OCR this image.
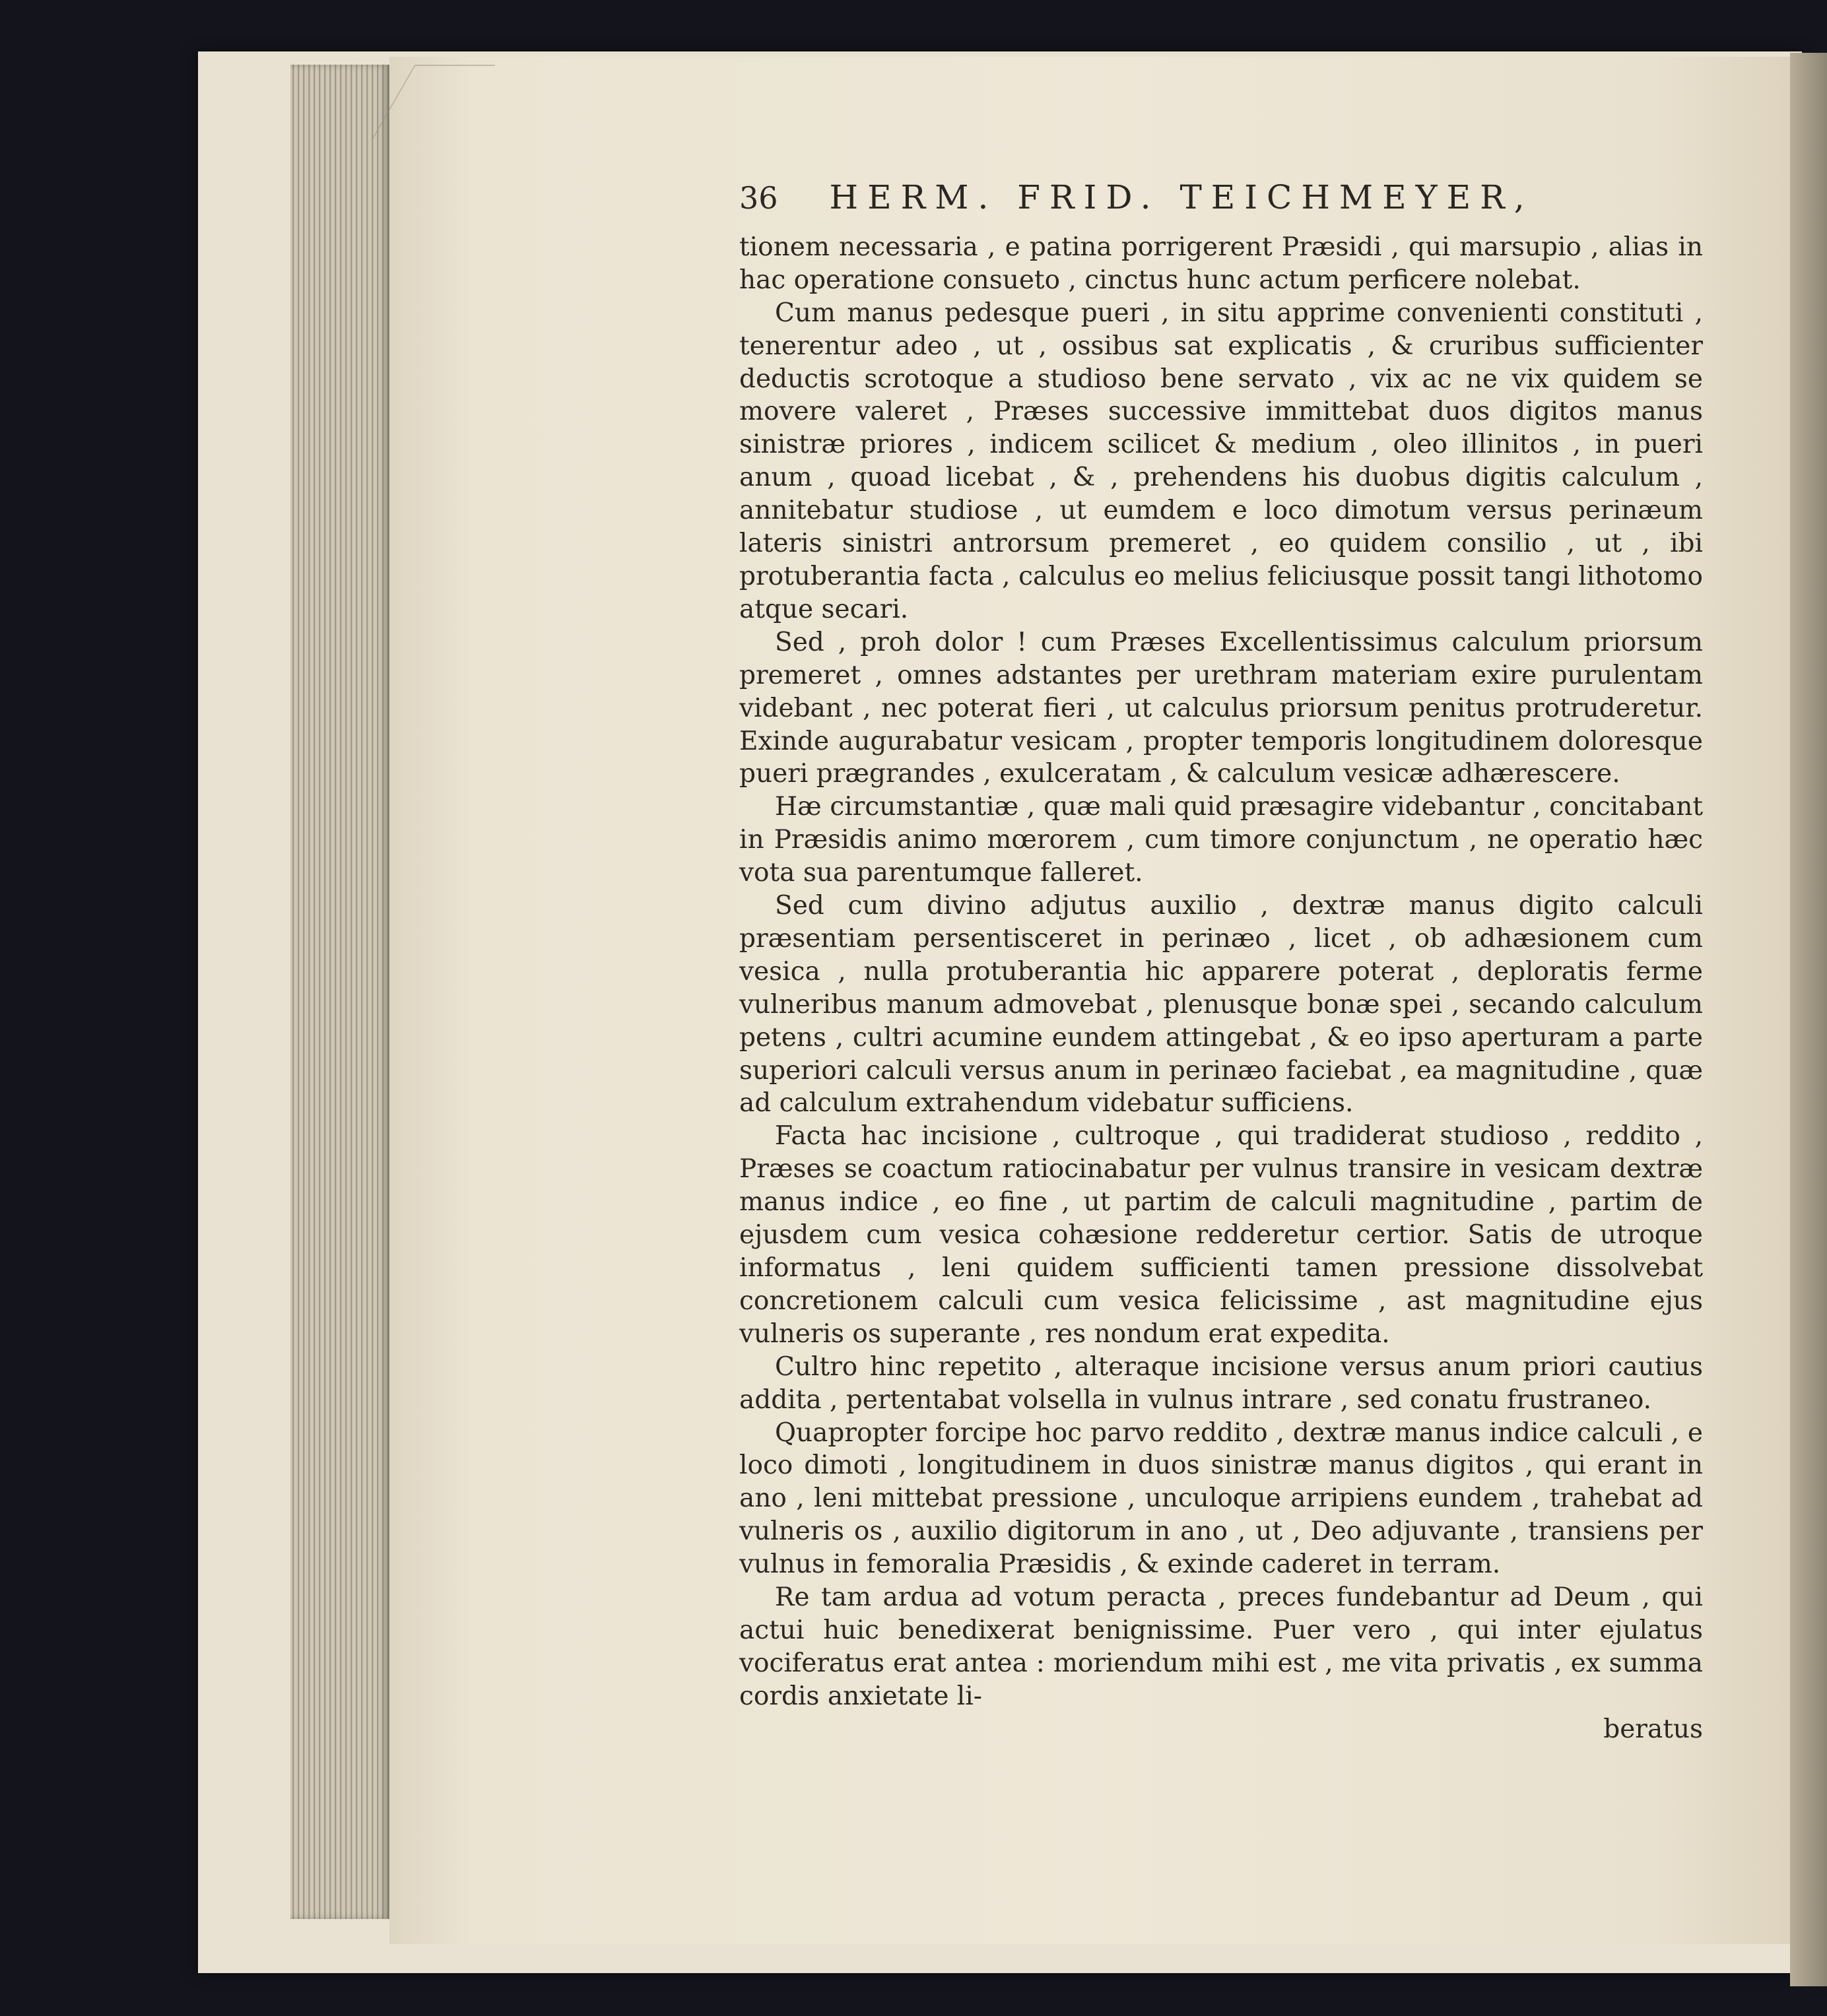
36 HERM. FRID. TEICHMEYER,

tionem necessaria , e patina porrigerent Præsidi , qui marsupio , alias in hac operatione consueto , cinctus hunc actum perficere nolebat.

Cum manus pedesque pueri , in situ apprime convenienti constituti , tenerentur adeo , ut , ossibus sat explicatis , & cruribus sufficienter deductis scrotoque a studioso bene servato , vix ac ne vix quidem se movere valeret , Præses successive immittebat duos digitos manus sinistræ priores , indicem scilicet & medium , oleo illinitos , in pueri anum , quoad licebat , & , prehendens his duobus digitis calculum , annitebatur studiose , ut eumdem e loco dimotum versus perinæum lateris sinistri antrorsum premeret , eo quidem consilio , ut , ibi protuberantia facta , calculus eo melius feliciusque possit tangi lithotomo atque secari.

Sed , proh dolor ! cum Præses Excellentissimus calculum priorsum premeret , omnes adstantes per urethram materiam exire purulentam videbant , nec poterat fieri , ut calculus priorsum penitus protruderetur. Exinde augurabatur vesicam , propter temporis longitudinem doloresque pueri prægrandes , exulceratam , & calculum vesicæ adhærescere.

Hæ circumstantiæ , quæ mali quid præsagire videbantur , concitabant in Præsidis animo mœrorem , cum timore conjunctum , ne operatio hæc vota sua parentumque falleret.

Sed cum divino adjutus auxilio , dextræ manus digito calculi præsentiam persentisceret in perinæo , licet , ob adhæsionem cum vesica , nulla protuberantia hic apparere poterat , deploratis ferme vulneribus manum admovebat , plenusque bonæ spei , secando calculum petens , cultri acumine eundem attingebat , & eo ipso aperturam a parte superiori calculi versus anum in perinæo faciebat , ea magnitudine , quæ ad calculum extrahendum videbatur sufficiens.

Facta hac incisione , cultroque , qui tradiderat studioso , reddito , Præses se coactum ratiocinabatur per vulnus transire in vesicam dextræ manus indice , eo fine , ut partim de calculi magnitudine , partim de ejusdem cum vesica cohæsione redderetur certior. Satis de utroque informatus , leni quidem sufficienti tamen pressione dissolvebat concretionem calculi cum vesica felicissime , ast magnitudine ejus vulneris os superante , res nondum erat expedita.

Cultro hinc repetito , alteraque incisione versus anum priori cautius addita , pertentabat volsella in vulnus intrare , sed conatu frustraneo.

Quapropter forcipe hoc parvo reddito , dextræ manus indice calculi , e loco dimoti , longitudinem in duos sinistræ manus digitos , qui erant in ano , leni mittebat pressione , unculoque arripiens eundem , trahebat ad vulneris os , auxilio digitorum in ano , ut , Deo adjuvante , transiens per vulnus in femoralia Præsidis , & exinde caderet in terram.

Re tam ardua ad votum peracta , preces fundebantur ad Deum , qui actui huic benedixerat benignissime. Puer vero , qui inter ejulatus vociferatus erat antea : moriendum mihi est , me vita privatis , ex summa cordis anxietate li-

beratus
